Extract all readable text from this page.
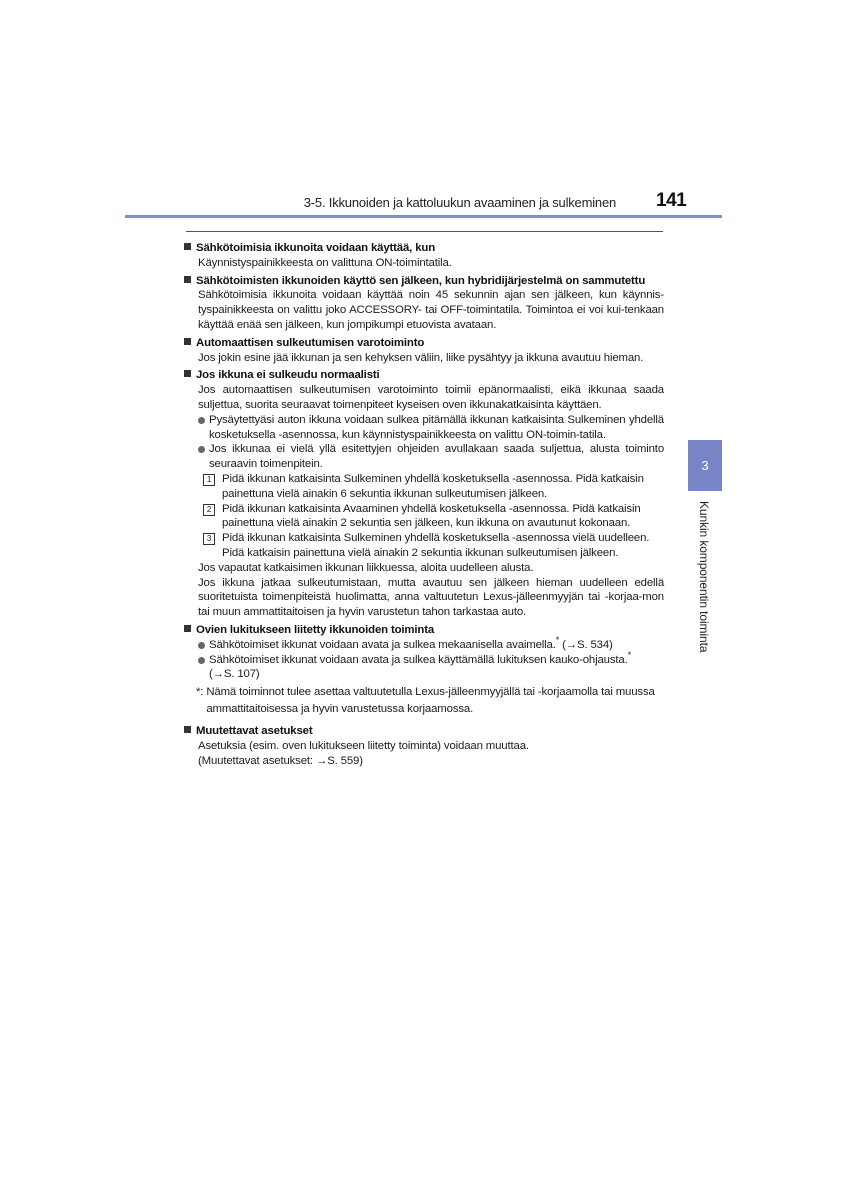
3-5. Ikkunoiden ja kattoluukun avaaminen ja sulkeminen 141
3
Kunkin komponentin toiminta
Sähkötoimisia ikkunoita voidaan käyttää, kun
Käynnistyspainikkeesta on valittuna ON-toimintatila.
Sähkötoimisten ikkunoiden käyttö sen jälkeen, kun hybridijärjestelmä on sammutettu
Sähkötoimisia ikkunoita voidaan käyttää noin 45 sekunnin ajan sen jälkeen, kun käynnis-tyspainikkeesta on valittu joko ACCESSORY- tai OFF-toimintatila. Toimintoa ei voi kui-tenkaan käyttää enää sen jälkeen, kun jompikumpi etuovista avataan.
Automaattisen sulkeutumisen varotoiminto
Jos jokin esine jää ikkunan ja sen kehyksen väliin, liike pysähtyy ja ikkuna avautuu hieman.
Jos ikkuna ei sulkeudu normaalisti
Jos automaattisen sulkeutumisen varotoiminto toimii epänormaalisti, eikä ikkunaa saada suljettua, suorita seuraavat toimenpiteet kyseisen oven ikkunakatkaisinta käyttäen.
Pysäytettyäsi auton ikkuna voidaan sulkea pitämällä ikkunan katkaisinta Sulkeminen yhdellä kosketuksella -asennossa, kun käynnistyspainikkeesta on valittu ON-toimin-tatila.
Jos ikkunaa ei vielä yllä esitettyjen ohjeiden avullakaan saada suljettua, alusta toiminto seuraavin toimenpitein.
1 Pidä ikkunan katkaisinta Sulkeminen yhdellä kosketuksella -asennossa. Pidä katkaisin painettuna vielä ainakin 6 sekuntia ikkunan sulkeutumisen jälkeen.
2 Pidä ikkunan katkaisinta Avaaminen yhdellä kosketuksella -asennossa. Pidä katkaisin painettuna vielä ainakin 2 sekuntia sen jälkeen, kun ikkuna on avautunut kokonaan.
3 Pidä ikkunan katkaisinta Sulkeminen yhdellä kosketuksella -asennossa vielä uudelleen. Pidä katkaisin painettuna vielä ainakin 2 sekuntia ikkunan sulkeutumisen jälkeen.
Jos vapautat katkaisimen ikkunan liikkuessa, aloita uudelleen alusta.
Jos ikkuna jatkaa sulkeutumistaan, mutta avautuu sen jälkeen hieman uudelleen edellä suoritetuista toimenpiteistä huolimatta, anna valtuutetun Lexus-jälleenmyyjän tai -korjaa-mon tai muun ammattitaitoisen ja hyvin varustetun tahon tarkastaa auto.
Ovien lukitukseen liitetty ikkunoiden toiminta
Sähkötoimiset ikkunat voidaan avata ja sulkea mekaanisella avaimella.* (→S. 534)
Sähkötoimiset ikkunat voidaan avata ja sulkea käyttämällä lukituksen kauko-ohjausta.*
(→S. 107)
*: Nämä toiminnot tulee asettaa valtuutetulla Lexus-jälleenmyyjällä tai -korjaamolla tai muussa ammattitaitoisessa ja hyvin varustetussa korjaamossa.
Muutettavat asetukset
Asetuksia (esim. oven lukitukseen liitetty toiminta) voidaan muuttaa.
(Muutettavat asetukset: →S. 559)
